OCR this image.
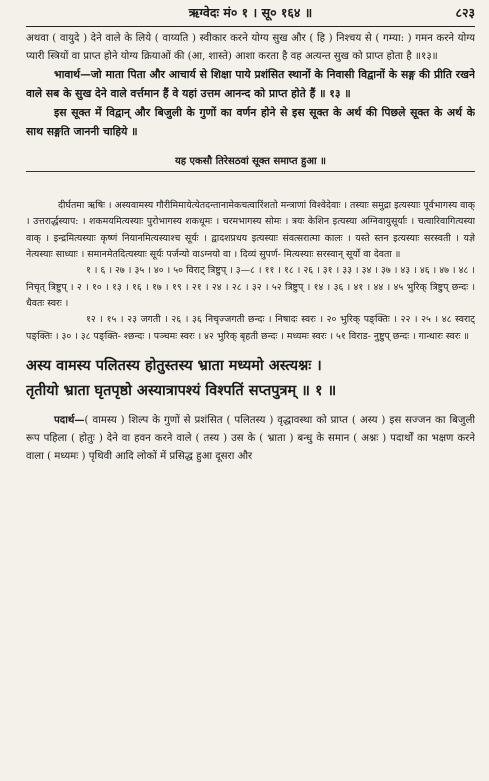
ऋग्वेदः मं० १ । सू० १६४ ॥	८२३

अथवा ( वायुदे ) देने वाले के लिये ( वाय्यति ) स्वीकार करने योग्य सुख और ( हि ) निश्चय से ( गम्या: ) गमन करने योग्य प्यारी स्त्रियों वा प्राप्त होने योग्य क्रियाओं की (आ, शास्ते) आशा करता है वह अत्यन्त सुख को प्राप्त होता है ॥१३॥

भावार्थ—जो माता पिता और आचार्य से शिक्षा पाये प्रशंसित स्थानों के निवासी विद्वानों के सङ्ग की प्रीति रखने वाले सब के सुख देने वाले वर्त्तमान हैं वे यहां उत्तम आनन्द को प्राप्त होते हैं ॥ १३ ॥

इस सूक्त में विद्वान् और बिजुली के गुणों का वर्णन होने से इस सूक्त के अर्थ की पिछले सूक्त के अर्थ के साथ सङ्गति जाननी चाहिये ॥

यह एकसौ तिरेसठवां सूक्त समाप्त हुआ ॥

दीर्घतमा ऋषिः । अस्यवामस्य गौरीमिमायेत्येतदन्तानामेकचत्वारिंशतो मन्त्राणां विश्वेदेवाः । तस्याः समुद्रा इत्यस्याः पूर्वभागस्य वाक् । उत्तरार्द्धस्याप: । शकमयमित्यस्याः पुरोभागस्य शकधूमः । चरमभागस्य सोमः । त्रयः केशिन इत्यस्या अग्निवायुसूर्याः । चत्वारिवागित्यस्या वाक् । इन्द्रमित्यस्याः कृष्णं नियानमित्यस्याश्च सूर्यः । द्वादशप्रधय इत्यस्याः संवत्सरात्मा कालः । यस्ते स्तन इत्यस्याः सरस्वती । यज्ञे नेत्यस्याः साध्याः । समानमेतदित्यस्याः सूर्यः पर्जन्यो वाऽग्नयो वा । दिव्यं सुपर्ण- मित्यस्याः सरस्वान् सूर्यो वा देवता ॥

१ । ६ । २७ । ३५ । ४० । ५० विराट् त्रिष्टुप् । ३—८ । ११ । १८ । २६ । ३१ । ३३ । ३४ । ३७ । ४३ । ४६ । ४७ । ४८ । निचृत् त्रिष्टुप् । २ । १० । १३ । १६ । १७ । १९ । २१ । २४ । २८ । ३२ । ५२ त्रिष्टुप् । १४ । ३६ । ४१ । ४४ । ४५ भुरिक् त्रिष्टुप् छन्दः । धैवतः स्वरः ।

१२ । १५ । २३ जगती । २६ । ३६ निचृज्जगती छन्दः । निषादः स्वरः । २० भुरिक् पङ्क्तिः । २२ । २५ । ४८ स्वराट् पङ्क्तिः । ३० । ३८ पङ्क्ति- श्छन्दः । पञ्चमः स्वरः । ४२ भुरिक् बृहती छन्दः । मध्यमः स्वरः । ५१ विराड- नुष्टुप् छन्दः । गान्धारः स्वरः ॥

अस्य वामस्य पलितस्य होतुस्तस्य भ्राता मध्यमो अस्त्यश्नः ।

तृतीयो भ्राता घृतपृष्ठो अस्यात्रापश्यं विश्पतिं सप्तपुत्रम् ॥ १ ॥

पदार्थ—( वामस्य ) शिल्प के गुणों से प्रशंसित ( पलितस्य ) वृद्धावस्था को प्राप्त ( अस्य ) इस सज्जन का बिजुली रूप पहिला ( होतुः ) देने वा हवन करने वाले ( तस्य ) उस के ( भ्राता ) बन्धु के समान ( अश्नः ) पदार्थों का भक्षण करने वाला ( मध्यमः ) पृथिवी आदि लोकों में प्रसिद्ध हुआ दूसरा और
